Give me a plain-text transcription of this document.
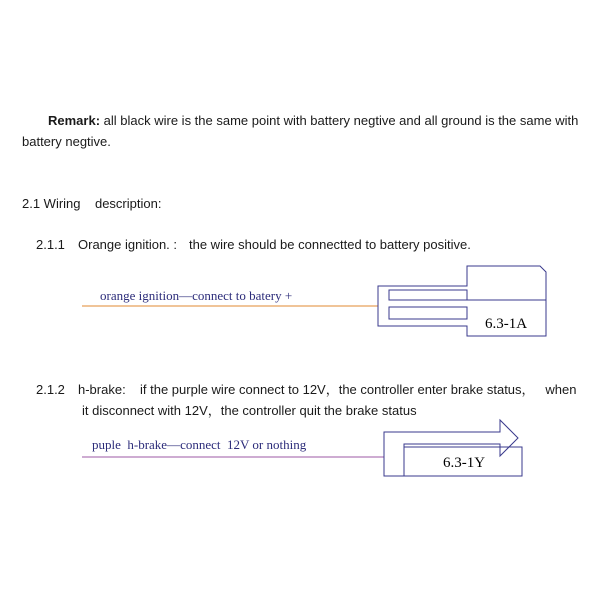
Remark: all black wire is the same point with battery negtive and all ground is the same with
battery negtive.
2.1 Wiring    description:
2.1.1 Orange ignition. : the wire should be connectted to battery positive.
orange ignition—connect to batery +
2.1.2 h-brake: if the purple wire connect to 12V，the controller enter brake status，   when
it disconnect with 12V，the controller quit the brake status
puple  h-brake—connect  12V or nothing
6.3-1A
6.3-1Y
